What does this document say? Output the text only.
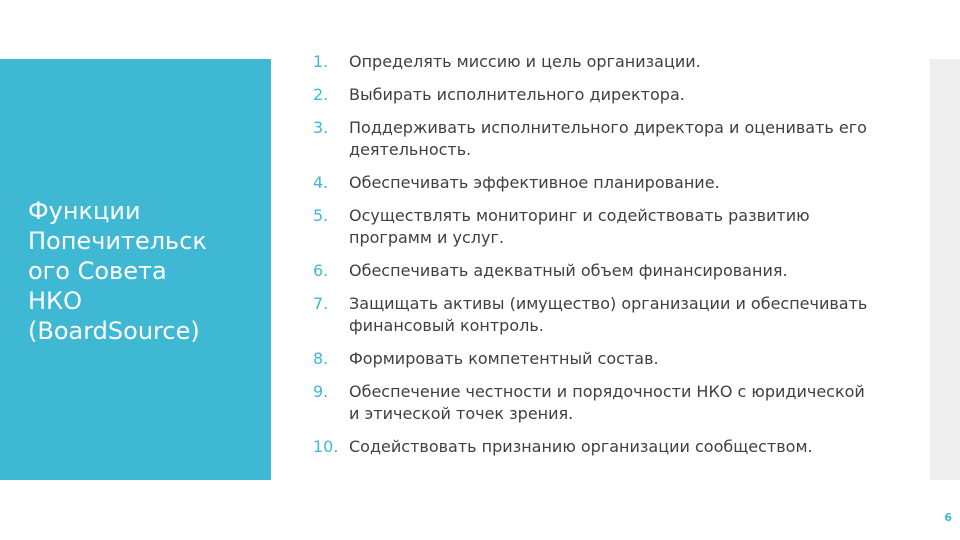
Функции
Попечительск
ого Совета
НКО
(BoardSource)
1. Определять миссию и цель организации.
2. Выбирать исполнительного директора.
3. Поддерживать исполнительного директора и оценивать его деятельность.
4. Обеспечивать эффективное планирование.
5. Осуществлять мониторинг и содействовать развитию программ и услуг.
6. Обеспечивать адекватный объем финансирования.
7. Защищать активы (имущество) организации и обеспечивать финансовый контроль.
8. Формировать компетентный состав.
9. Обеспечение честности и порядочности НКО с юридической и этической точек зрения.
10. Содействовать признанию организации сообществом.
6
